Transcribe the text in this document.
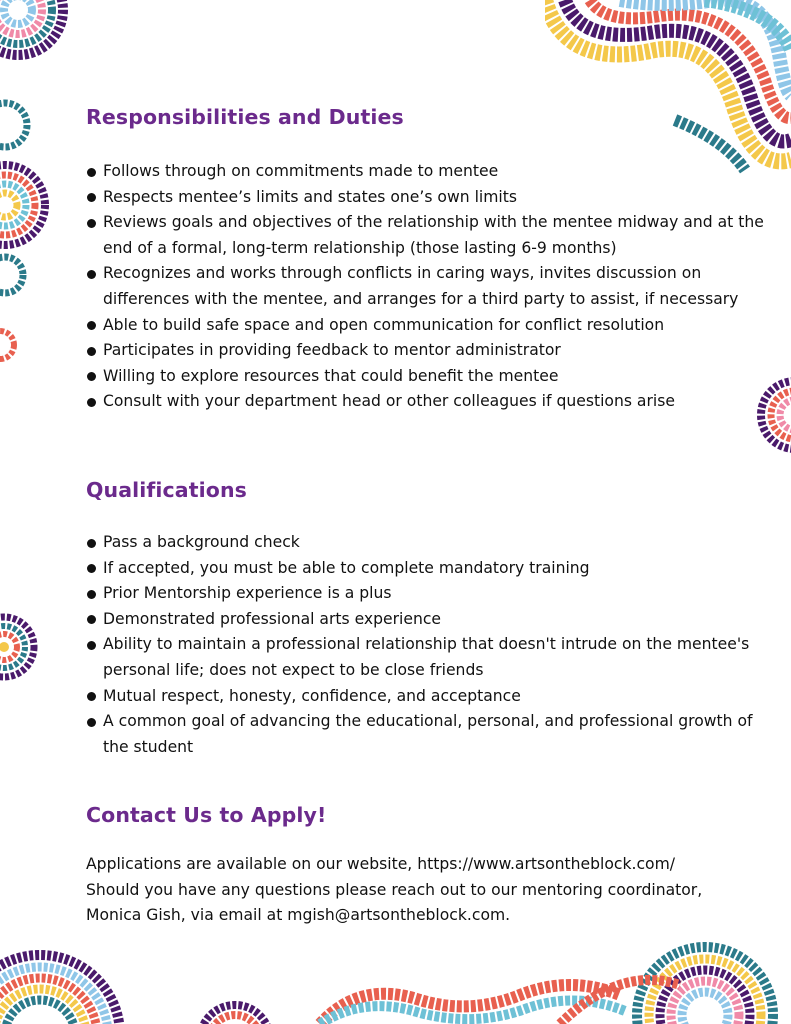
Responsibilities and Duties
Follows through on commitments made to mentee
Respects mentee’s limits and states one’s own limits
Reviews goals and objectives of the relationship with the mentee midway and at the end of a formal, long-term relationship (those lasting 6-9 months)
Recognizes and works through conflicts in caring ways, invites discussion on differences with the mentee, and arranges for a third party to assist, if necessary
Able to build safe space and open communication for conflict resolution
Participates in providing feedback to mentor administrator
Willing to explore resources that could benefit the mentee
Consult with your department head or other colleagues if questions arise
Qualifications
Pass a background check
If accepted, you must be able to complete mandatory training
Prior Mentorship experience is a plus
Demonstrated professional arts experience
Ability to maintain a professional relationship that doesn't intrude on the mentee's personal life; does not expect to be close friends
Mutual respect, honesty, confidence, and acceptance
A common goal of advancing the educational, personal, and professional growth of the student
Contact Us to Apply!
Applications are available on our website, https://www.artsontheblock.com/
Should you have any questions please reach out to our mentoring coordinator,
Monica Gish, via email at mgish@artsontheblock.com.
